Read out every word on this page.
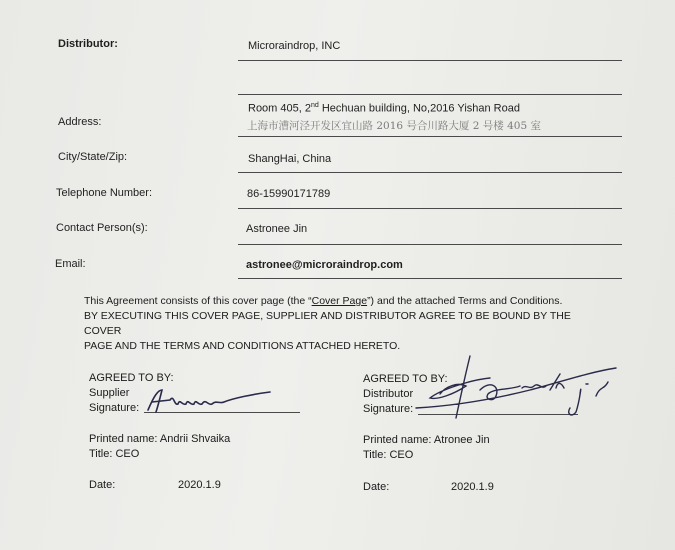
Distributor:	Microraindrop, INC
Address:
Room 405, 2nd Hechuan building, No,2016 Yishan Road
上海市漕河泾开发区宜山路 2016 号合川路大厦 2 号楼 405 室
City/State/Zip:	ShangHai, China
Telephone Number:	86-15990171789
Contact Person(s):	Astronee Jin
Email:	astronee@microraindrop.com

This Agreement consists of this cover page (the “Cover Page”) and the attached Terms and Conditions.

BY EXECUTING THIS COVER PAGE, SUPPLIER AND DISTRIBUTOR AGREE TO BE BOUND BY THE COVER

PAGE AND THE TERMS AND CONDITIONS ATTACHED HERETO.

AGREED TO BY:
Supplier
Signature:
Printed name: Andrii Shvaika
Title: CEO
Date:	2020.1.9
AGREED TO BY:
Distributor
Signature:
Printed name: Atronee Jin
Title: CEO
Date:	2020.1.9
